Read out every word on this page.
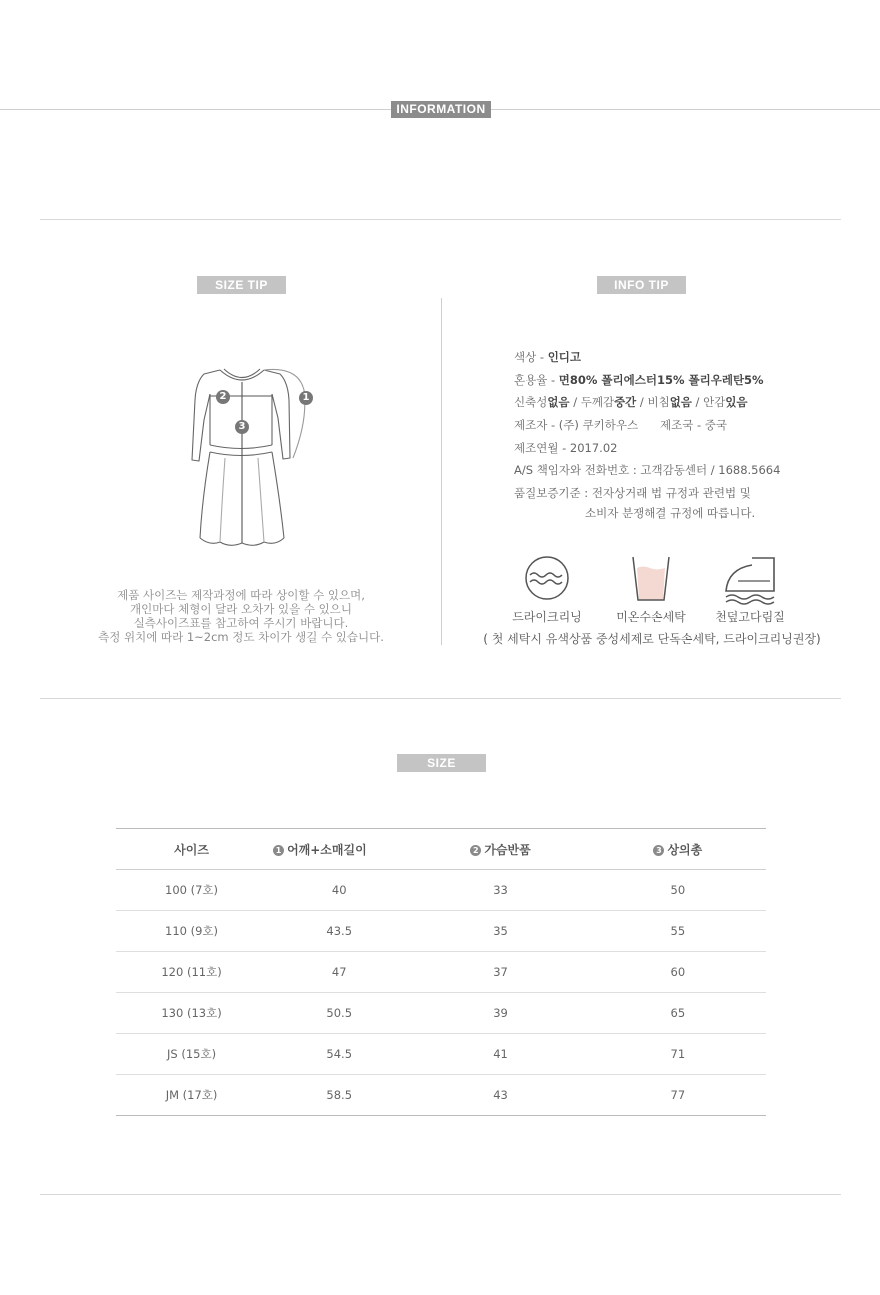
INFORMATION
SIZE TIP
1
2
3
제품 사이즈는 제작과정에 따라 상이할 수 있으며,
개인마다 체형이 달라 오차가 있을 수 있으니
실측사이즈표를 참고하여 주시기 바랍니다.
측정 위치에 따라 1~2cm 정도 차이가 생길 수 있습니다.
INFO TIP
색상 - 인디고
혼용율 - 면80% 폴리에스터15% 폴리우레탄5%
신축성없음 / 두께감중간 / 비침없음 / 안감있음
제조자 - (주) 쿠키하우스 제조국 - 중국
제조연월 - 2017.02
A/S 책임자와 전화번호 : 고객감동센터 / 1688.5664
품질보증기준 : 전자상거래 법 규정과 관련법 및
소비자 분쟁해결 규정에 따릅니다.
드라이크리닝	미온수손세탁	천덮고다림질
( 첫 세탁시 유색상품 중성세제로 단독손세탁, 드라이크리닝권장)
SIZE
사이즈	1 어깨+소매길이	2 가슴반품	3 상의총
100 (7호)	40	33	50
110 (9호)	43.5	35	55
120 (11호)	47	37	60
130 (13호)	50.5	39	65
JS (15호)	54.5	41	71
JM (17호)	58.5	43	77
